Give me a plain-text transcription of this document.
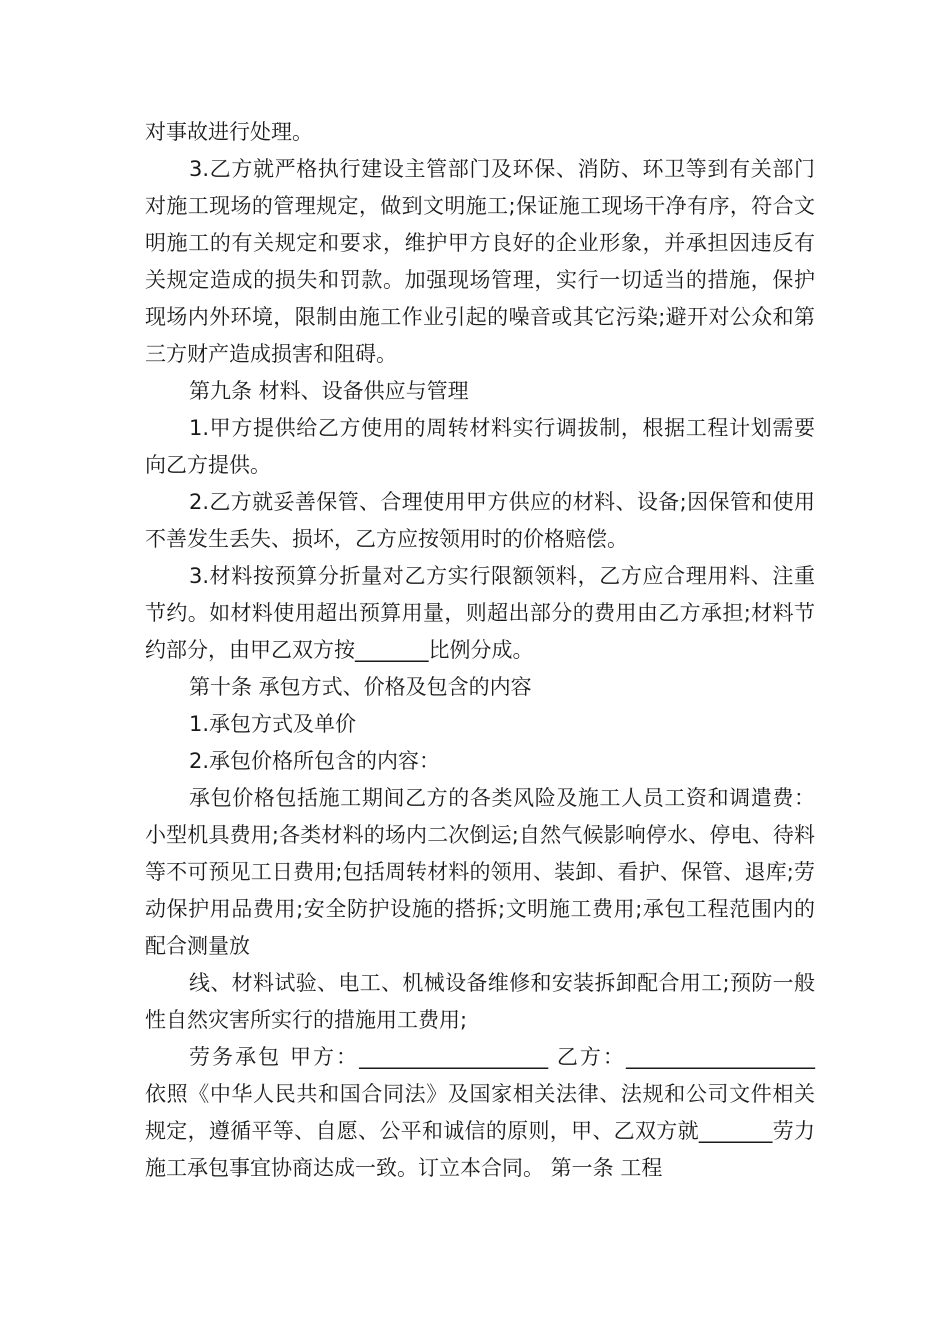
对事故进行处理。

3.乙方就严格执行建设主管部门及环保、消防、环卫等到有关部门对施工现场的管理规定，做到文明施工;保证施工现场干净有序，符合文明施工的有关规定和要求，维护甲方良好的企业形象，并承担因违反有关规定造成的损失和罚款。加强现场管理，实行一切适当的措施，保护现场内外环境，限制由施工作业引起的噪音或其它污染;避开对公众和第三方财产造成损害和阻碍。

第九条 材料、设备供应与管理

1.甲方提供给乙方使用的周转材料实行调拔制，根据工程计划需要向乙方提供。

2.乙方就妥善保管、合理使用甲方供应的材料、设备;因保管和使用不善发生丢失、损坏，乙方应按领用时的价格赔偿。

3.材料按预算分折量对乙方实行限额领料，乙方应合理用料、注重节约。如材料使用超出预算用量，则超出部分的费用由乙方承担;材料节约部分，由甲乙双方按_______比例分成。

第十条 承包方式、价格及包含的内容

1.承包方式及单价

2.承包价格所包含的内容：

承包价格包括施工期间乙方的各类风险及施工人员工资和调遣费：小型机具费用;各类材料的场内二次倒运;自然气候影响停水、停电、待料等不可预见工日费用;包括周转材料的领用、装卸、看护、保管、退库;劳动保护用品费用;安全防护设施的搭拆;文明施工费用;承包工程范围内的配合测量放

线、材料试验、电工、机械设备维修和安装拆卸配合用工;预防一般性自然灾害所实行的措施用工费用;

劳务承包 甲方：__________________ 乙方：__________________ 依照《中华人民共和国合同法》及国家相关法律、法规和公司文件相关规定，遵循平等、自愿、公平和诚信的原则，甲、乙双方就_______劳力施工承包事宜协商达成一致。订立本合同。 第一条 工程
